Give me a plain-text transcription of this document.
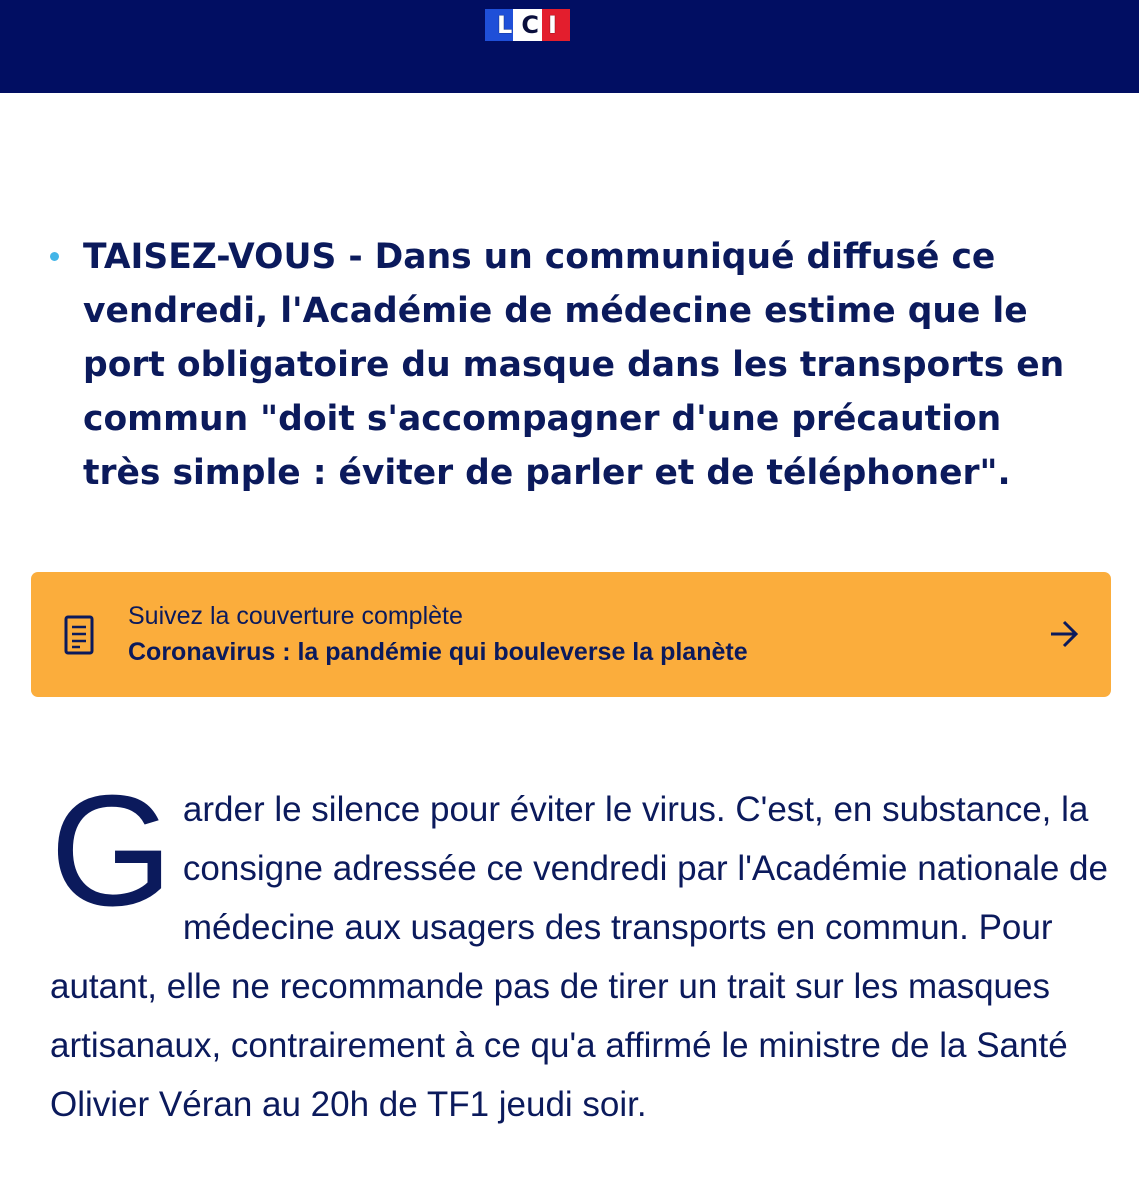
L C I

TAISEZ-VOUS - Dans un communiqué diffusé ce vendredi, l'Académie de médecine estime que le port obligatoire du masque dans les transports en commun "doit s'accompagner d'une précaution très simple : éviter de parler et de téléphoner".

Suivez la couverture complète
Coronavirus : la pandémie qui bouleverse la planète
G arder le silence pour éviter le virus. C'est, en substance, la consigne adressée ce vendredi par l'Académie nationale de médecine aux usagers des transports en commun. Pour autant, elle ne recommande pas de tirer un trait sur les masques artisanaux, contrairement à ce qu'a affirmé le ministre de la Santé Olivier Véran au 20h de TF1 jeudi soir.
